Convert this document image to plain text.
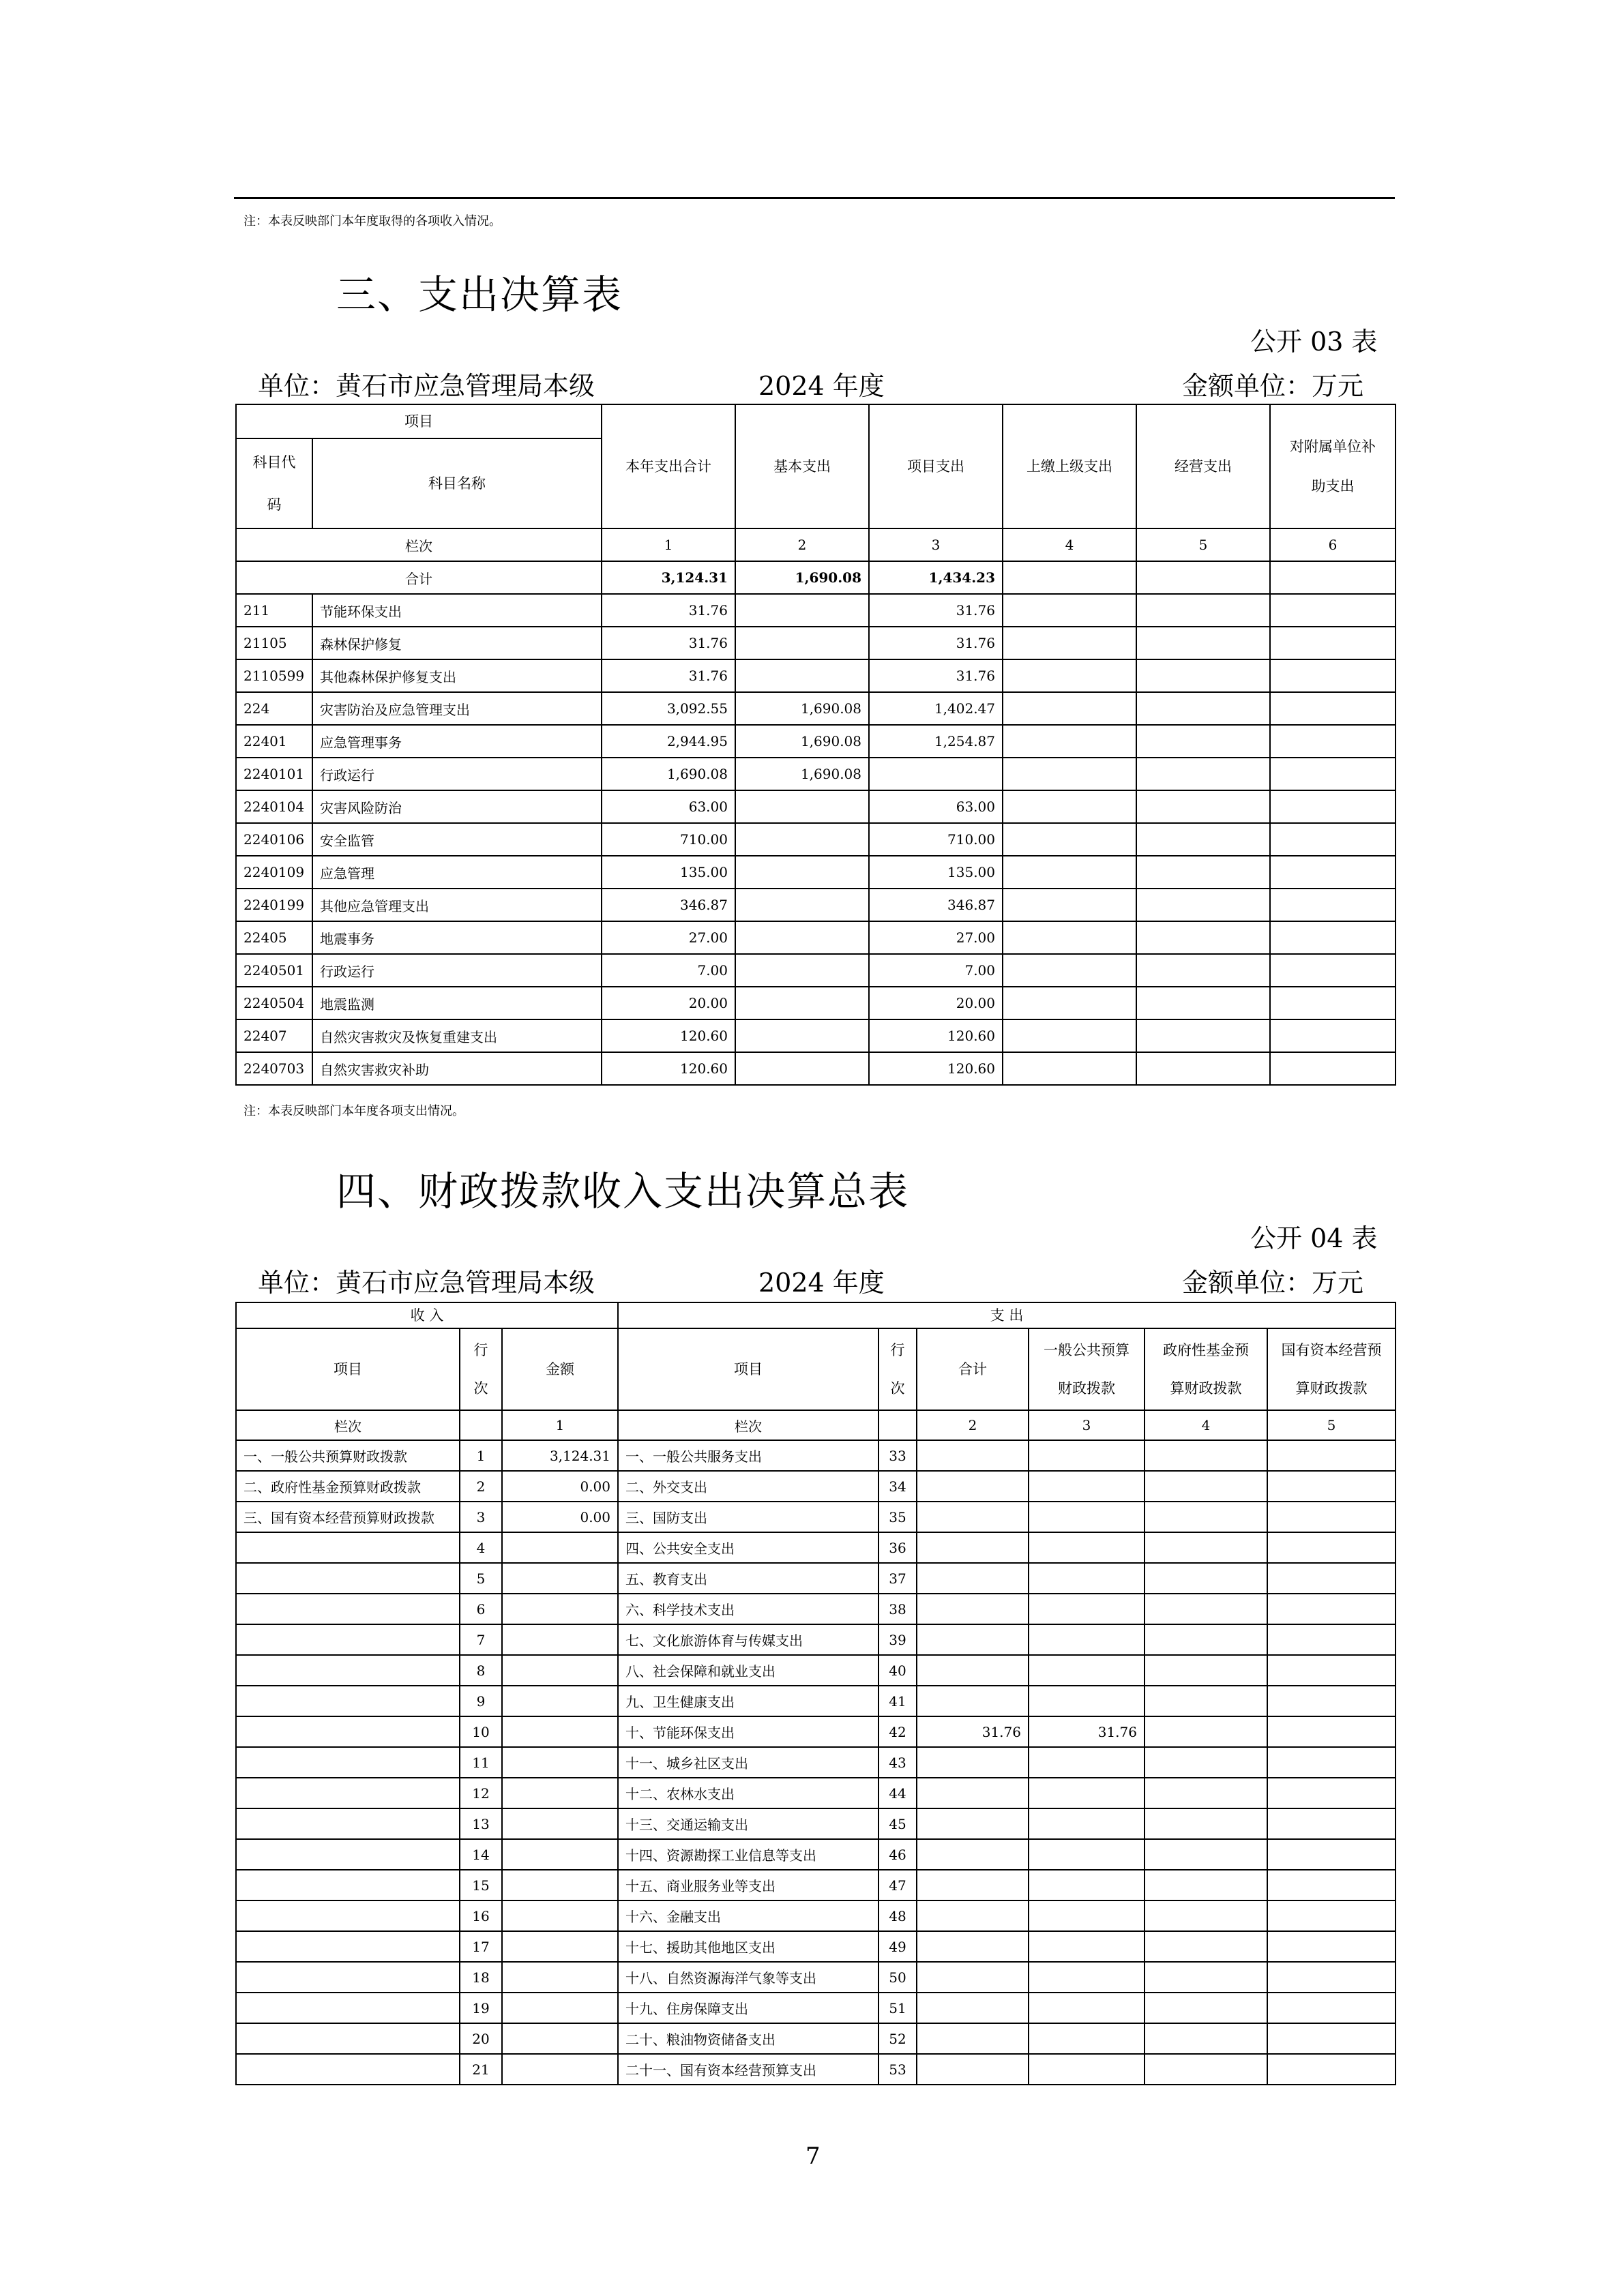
注：本表反映部门本年度取得的各项收入情况。
三、支出决算表
公开 03 表
单位：黄石市应急管理局本级	2024 年度	金额单位：万元
项目		本年支出合计	基本支出	项目支出	上缴上级支出	经营支出	对附属单位补助支出
科目代码	科目名称						
栏次		1	2	3	4	5	6
合计		3,124.31	1,690.08	1,434.23			
211	节能环保支出	31.76		31.76			
21105	森林保护修复	31.76		31.76			
2110599	其他森林保护修复支出	31.76		31.76			
224	灾害防治及应急管理支出	3,092.55	1,690.08	1,402.47			
22401	应急管理事务	2,944.95	1,690.08	1,254.87			
2240101	行政运行	1,690.08	1,690.08				
2240104	灾害风险防治	63.00		63.00			
2240106	安全监管	710.00		710.00			
2240109	应急管理	135.00		135.00			
2240199	其他应急管理支出	346.87		346.87			
22405	地震事务	27.00		27.00			
2240501	行政运行	7.00		7.00			
2240504	地震监测	20.00		20.00			
22407	自然灾害救灾及恢复重建支出	120.60		120.60			
2240703	自然灾害救灾补助	120.60		120.60			
注：本表反映部门本年度各项支出情况。
四、财政拨款收入支出决算总表
公开 04 表
单位：黄石市应急管理局本级	2024 年度	金额单位：万元
收 入			支 出					
项目	行次	金额	项目	行次	合计	一般公共预算财政拨款	政府性基金预算财政拨款	国有资本经营预算财政拨款
栏次		1	栏次		2	3	4	5
一、一般公共预算财政拨款	1	3,124.31	一、一般公共服务支出	33				
二、政府性基金预算财政拨款	2	0.00	二、外交支出	34				
三、国有资本经营预算财政拨款	3	0.00	三、国防支出	35				
	4		四、公共安全支出	36				
	5		五、教育支出	37				
	6		六、科学技术支出	38				
	7		七、文化旅游体育与传媒支出	39				
	8		八、社会保障和就业支出	40				
	9		九、卫生健康支出	41				
	10		十、节能环保支出	42	31.76	31.76		
	11		十一、城乡社区支出	43				
	12		十二、农林水支出	44				
	13		十三、交通运输支出	45				
	14		十四、资源勘探工业信息等支出	46				
	15		十五、商业服务业等支出	47				
	16		十六、金融支出	48				
	17		十七、援助其他地区支出	49				
	18		十八、自然资源海洋气象等支出	50				
	19		十九、住房保障支出	51				
	20		二十、粮油物资储备支出	52				
	21		二十一、国有资本经营预算支出	53				
7
